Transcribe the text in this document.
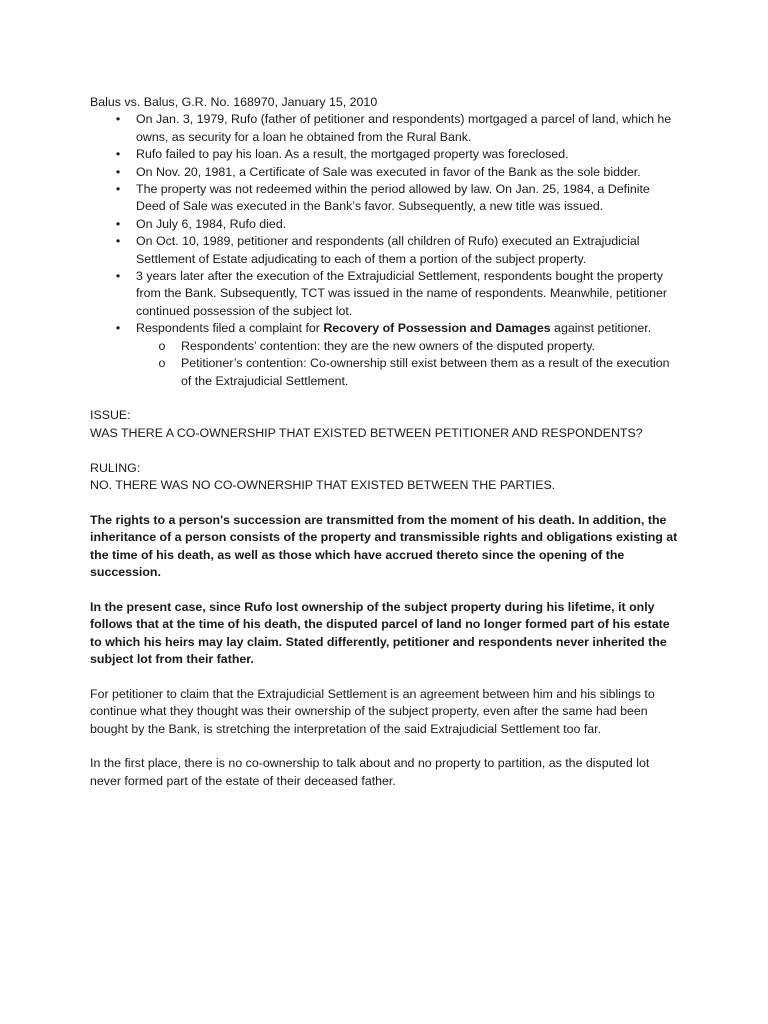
Balus vs. Balus, G.R. No. 168970, January 15, 2010

• On Jan. 3, 1979, Rufo (father of petitioner and respondents) mortgaged a parcel of land, which he owns, as security for a loan he obtained from the Rural Bank.
• Rufo failed to pay his loan. As a result, the mortgaged property was foreclosed.
• On Nov. 20, 1981, a Certificate of Sale was executed in favor of the Bank as the sole bidder.
• The property was not redeemed within the period allowed by law. On Jan. 25, 1984, a Definite Deed of Sale was executed in the Bank’s favor. Subsequently, a new title was issued.
• On July 6, 1984, Rufo died.
• On Oct. 10, 1989, petitioner and respondents (all children of Rufo) executed an Extrajudicial Settlement of Estate adjudicating to each of them a portion of the subject property.
• 3 years later after the execution of the Extrajudicial Settlement, respondents bought the property from the Bank. Subsequently, TCT was issued in the name of respondents. Meanwhile, petitioner continued possession of the subject lot.
• Respondents filed a complaint for Recovery of Possession and Damages against petitioner.
o Respondents’ contention: they are the new owners of the disputed property.
o Petitioner’s contention: Co-ownership still exist between them as a result of the execution of the Extrajudicial Settlement.

ISSUE:

WAS THERE A CO-OWNERSHIP THAT EXISTED BETWEEN PETITIONER AND RESPONDENTS?

RULING:

NO. THERE WAS NO CO-OWNERSHIP THAT EXISTED BETWEEN THE PARTIES.

The rights to a person's succession are transmitted from the moment of his death. In addition, the inheritance of a person consists of the property and transmissible rights and obligations existing at the time of his death, as well as those which have accrued thereto since the opening of the succession.

In the present case, since Rufo lost ownership of the subject property during his lifetime, it only follows that at the time of his death, the disputed parcel of land no longer formed part of his estate to which his heirs may lay claim. Stated differently, petitioner and respondents never inherited the subject lot from their father.

For petitioner to claim that the Extrajudicial Settlement is an agreement between him and his siblings to continue what they thought was their ownership of the subject property, even after the same had been bought by the Bank, is stretching the interpretation of the said Extrajudicial Settlement too far.

In the first place, there is no co-ownership to talk about and no property to partition, as the disputed lot never formed part of the estate of their deceased father.
